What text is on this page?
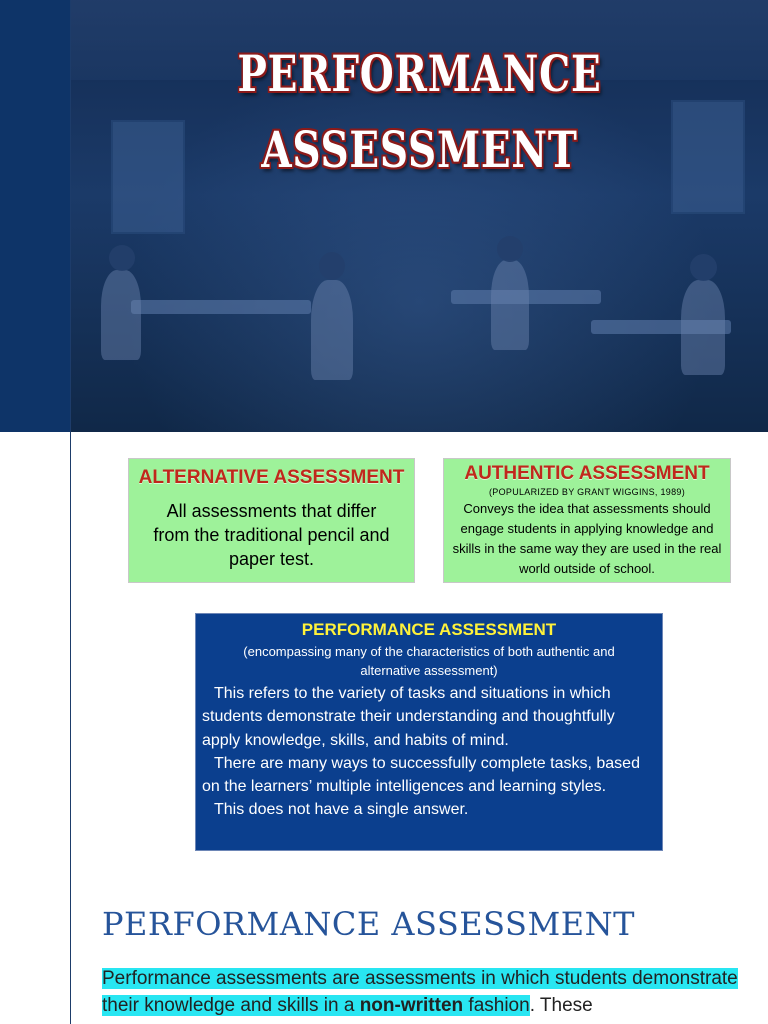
PERFORMANCE
ASSESSMENT
ALTERNATIVE ASSESSMENT
All assessments that differ from the traditional pencil and paper test.
AUTHENTIC ASSESSMENT
(POPULARIZED BY GRANT WIGGINS, 1989)
Conveys the idea that assessments should engage students in applying knowledge and skills in the same way they are used in the real world outside of school.
PERFORMANCE ASSESSMENT
(encompassing many of the characteristics of both authentic and alternative assessment)

This refers to the variety of tasks and situations in which students demonstrate their understanding and thoughtfully apply knowledge, skills, and habits of mind.

There are many ways to successfully complete tasks, based on the learners’ multiple intelligences and learning styles.

This does not have a single answer.

PERFORMANCE ASSESSMENT
Performance assessments are assessments in which students demonstrate their knowledge and skills in a non-written fashion. These
